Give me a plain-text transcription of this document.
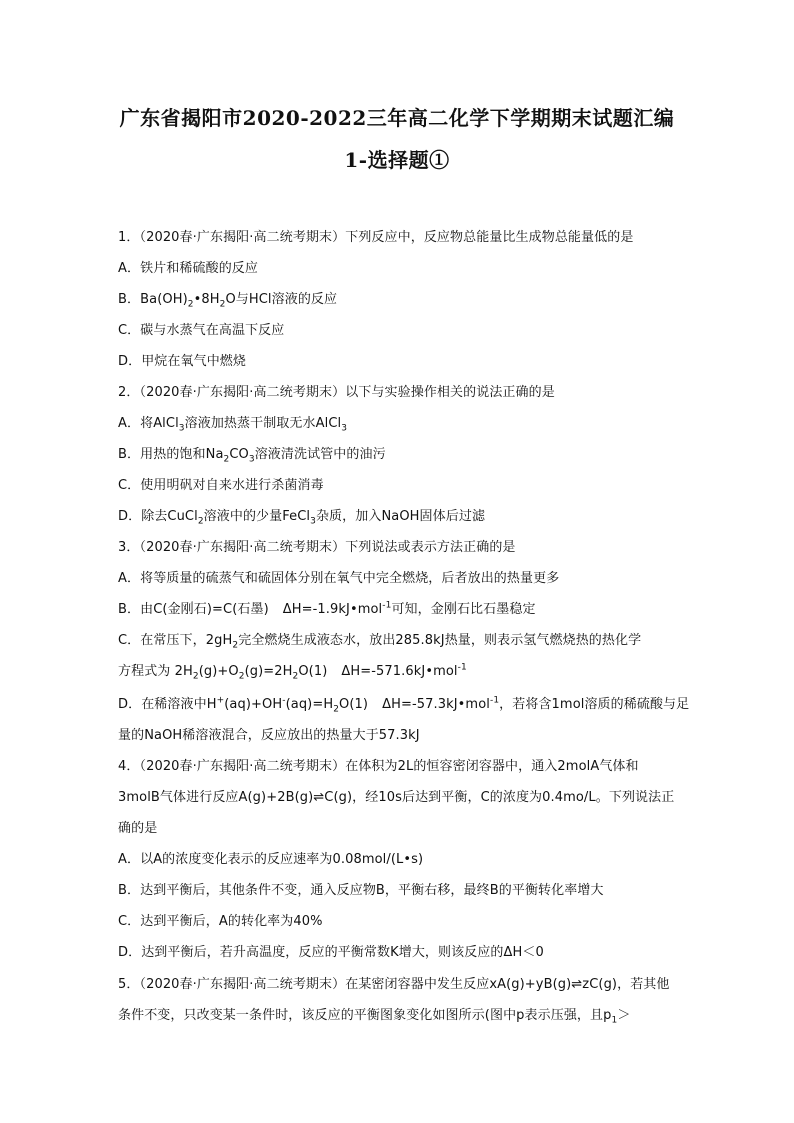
广东省揭阳市2020-2022三年高二化学下学期期末试题汇编
1-选择题①
1．（2020春·广东揭阳·高二统考期末）下列反应中，反应物总能量比生成物总能量低的是
A．铁片和稀硫酸的反应
B．$Ba(OH)_2•8H_2O$与HCl溶液的反应
C．碳与水蒸气在高温下反应
D．甲烷在氧气中燃烧
2．（2020春·广东揭阳·高二统考期末）以下与实验操作相关的说法正确的是
A．将AlCl$_3$溶液加热蒸干制取无水AlCl$_3$
B．用热的饱和$Na_2CO_3$溶液清洗试管中的油污
C．使用明矾对自来水进行杀菌消毒
D．除去CuCl$_2$溶液中的少量FeCl$_3$杂质，加入NaOH固体后过滤
3．（2020春·广东揭阳·高二统考期末）下列说法或表示方法正确的是
A．将等质量的硫蒸气和硫固体分别在氧气中完全燃烧，后者放出的热量更多
B．由C(金刚石)=C(石墨) ΔH=-1.9kJ•mol$^{-1}$可知，金刚石比石墨稳定
C．在常压下，$2gH_2$完全燃烧生成液态水，放出285.8kJ热量，则表示氢气燃烧热的热化学
方程式为 $2H_2(g)+O_2(g)=2H_2O(1)$ ΔH=-571.6kJ•mol$^{-1}$
D．在稀溶液中$H^+(aq)+OH^-(aq)=H_2O(1)$ ΔH=-57.3kJ•mol$^{-1}$，若将含1mol溶质的稀硫酸与足
量的NaOH稀溶液混合，反应放出的热量大于57.3kJ
4．（2020春·广东揭阳·高二统考期末）在体积为2L的恒容密闭容器中，通入2molA气体和
3molB气体进行反应A(g)+2B(g)⇌C(g)，经10s后达到平衡，C的浓度为0.4mo/L。下列说法正
确的是
A．以A的浓度变化表示的反应速率为0.08mol/(L•s)
B．达到平衡后，其他条件不变，通入反应物B，平衡右移，最终B的平衡转化率增大
C．达到平衡后，A的转化率为40%
D．达到平衡后，若升高温度，反应的平衡常数K增大，则该反应的ΔH＜0
5．（2020春·广东揭阳·高二统考期末）在某密闭容器中发生反应xA(g)+yB(g)⇌zC(g)，若其他
条件不变，只改变某一条件时，该反应的平衡图象变化如图所示(图中p表示压强，且$p_1>$
